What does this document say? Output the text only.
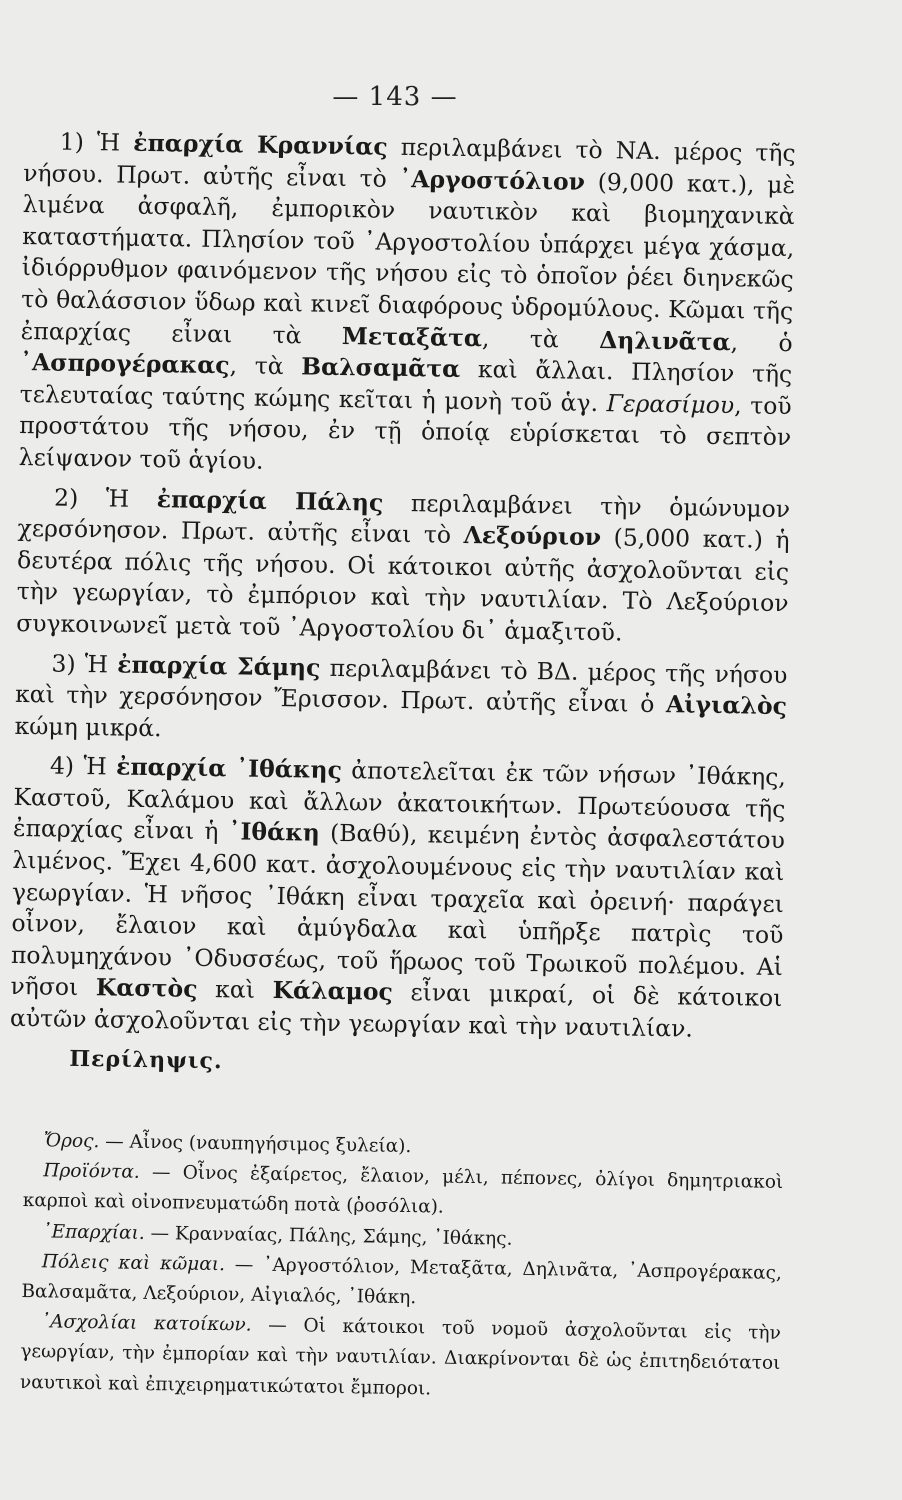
— 143 —

1) Ἡ ἐπαρχία Κραννίας περιλαμβάνει τὸ ΝΑ. μέρος τῆς νήσου. Πρωτ. αὐτῆς εἶναι τὸ ᾿Αργοστόλιον (9,000 κατ.), μὲ λιμένα ἀσφαλῆ, ἐμπορικὸν ναυτικὸν καὶ βιομηχανικὰ καταστήματα. Πλησίον τοῦ ᾿Αργοστολίου ὑπάρχει μέγα χάσμα, ἰδιόρρυθμον φαινόμενον τῆς νήσου εἰς τὸ ὁποῖον ῥέει διηνεκῶς τὸ θαλάσσιον ὕδωρ καὶ κινεῖ διαφόρους ὑδρομύλους. Κῶμαι τῆς ἐπαρχίας εἶναι τὰ Μεταξᾶτα, τὰ Δηλινᾶτα, ὁ ᾿Ασπρογέρακας, τὰ Βαλσαμᾶτα καὶ ἄλλαι. Πλησίον τῆς τελευταίας ταύτης κώμης κεῖται ἡ μονὴ τοῦ ἁγ. Γερασίμου, τοῦ προστάτου τῆς νήσου, ἐν τῇ ὁποίᾳ εὑρίσκεται τὸ σεπτὸν λείψανον τοῦ ἁγίου.

2) Ἡ ἐπαρχία Πάλης περιλαμβάνει τὴν ὁμώνυμον χερσόνησον. Πρωτ. αὐτῆς εἶναι τὸ Λεξούριον (5,000 κατ.) ἡ δευτέρα πόλις τῆς νήσου. Οἱ κάτοικοι αὐτῆς ἀσχολοῦνται εἰς τὴν γεωργίαν, τὸ ἐμπόριον καὶ τὴν ναυτιλίαν. Τὸ Λεξούριον συγκοινωνεῖ μετὰ τοῦ ᾿Αργοστολίου δι᾿ ἁμαξιτοῦ.

3) Ἡ ἐπαρχία Σάμης περιλαμβάνει τὸ ΒΔ. μέρος τῆς νήσου καὶ τὴν χερσόνησον Ἔρισσον. Πρωτ. αὐτῆς εἶναι ὁ Αἰγιαλὸς κώμη μικρά.

4) Ἡ ἐπαρχία ᾿Ιθάκης ἀποτελεῖται ἐκ τῶν νήσων ᾿Ιθάκης, Καστοῦ, Καλάμου καὶ ἄλλων ἀκατοικήτων. Πρωτεύουσα τῆς ἐπαρχίας εἶναι ἡ ᾿Ιθάκη (Βαθύ), κειμένη ἐντὸς ἀσφαλεστάτου λιμένος. Ἔχει 4,600 κατ. ἀσχολουμένους εἰς τὴν ναυτιλίαν καὶ γεωργίαν. Ἡ νῆσος ᾿Ιθάκη εἶναι τραχεῖα καὶ ὀρεινή· παράγει οἶνον, ἔλαιον καὶ ἀμύγδαλα καὶ ὑπῆρξε πατρὶς τοῦ πολυμηχάνου ᾿Οδυσσέως, τοῦ ἥρωος τοῦ Τρωικοῦ πολέμου. Αἱ νῆσοι Καστὸς καὶ Κάλαμος εἶναι μικραί, οἱ δὲ κάτοικοι αὐτῶν ἀσχολοῦνται εἰς τὴν γεωργίαν καὶ τὴν ναυτιλίαν.

Περίληψις.

Ὄρος. — Αἶνος (ναυπηγήσιμος ξυλεία).

Προϊόντα. — Οἶνος ἐξαίρετος, ἔλαιον, μέλι, πέπονες, ὀλίγοι δημητριακοὶ καρποὶ καὶ οἰνοπνευματώδη ποτὰ (ῥοσόλια).

᾿Επαρχίαι. — Κρανναίας, Πάλης, Σάμης, ᾿Ιθάκης.

Πόλεις καὶ κῶμαι. — ᾿Αργοστόλιον, Μεταξᾶτα, Δηλινᾶτα, ᾿Ασπρογέρακας, Βαλσαμᾶτα, Λεξούριον, Αἰγιαλός, ᾿Ιθάκη.

᾿Ασχολίαι κατοίκων. — Οἱ κάτοικοι τοῦ νομοῦ ἀσχολοῦνται εἰς τὴν γεωργίαν, τὴν ἐμπορίαν καὶ τὴν ναυτιλίαν. Διακρίνονται δὲ ὡς ἐπιτηδειότατοι ναυτικοὶ καὶ ἐπιχειρηματικώτατοι ἔμποροι.
